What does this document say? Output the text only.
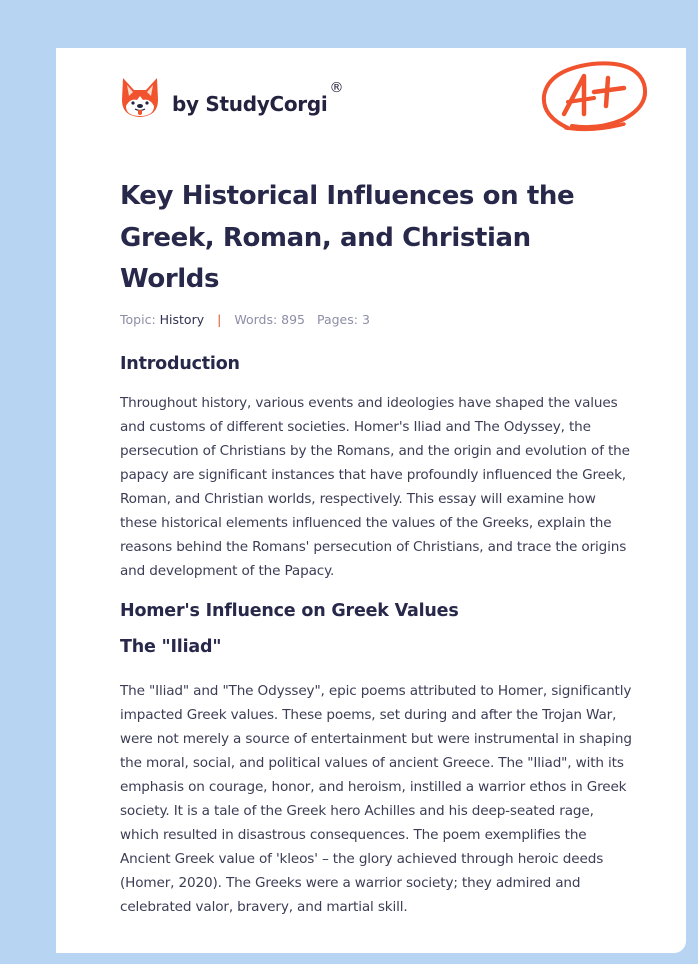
by StudyCorgi
®
Key Historical Influences on the Greek, Roman, and Christian Worlds
Topic: History | Words: 895 Pages: 3
Introduction

Throughout history, various events and ideologies have shaped the values and customs of different societies. Homer's Iliad and The Odyssey, the persecution of Christians by the Romans, and the origin and evolution of the papacy are significant instances that have profoundly influenced the Greek, Roman, and Christian worlds, respectively. This essay will examine how these historical elements influenced the values of the Greeks, explain the reasons behind the Romans' persecution of Christians, and trace the origins and development of the Papacy.

Homer's Influence on Greek Values
The "Iliad"

The "Iliad" and "The Odyssey", epic poems attributed to Homer, significantly impacted Greek values. These poems, set during and after the Trojan War, were not merely a source of entertainment but were instrumental in shaping the moral, social, and political values of ancient Greece. The "Iliad", with its emphasis on courage, honor, and heroism, instilled a warrior ethos in Greek society. It is a tale of the Greek hero Achilles and his deep-seated rage, which resulted in disastrous consequences. The poem exemplifies the Ancient Greek value of 'kleos' – the glory achieved through heroic deeds (Homer, 2020). The Greeks were a warrior society; they admired and celebrated valor, bravery, and martial skill.
